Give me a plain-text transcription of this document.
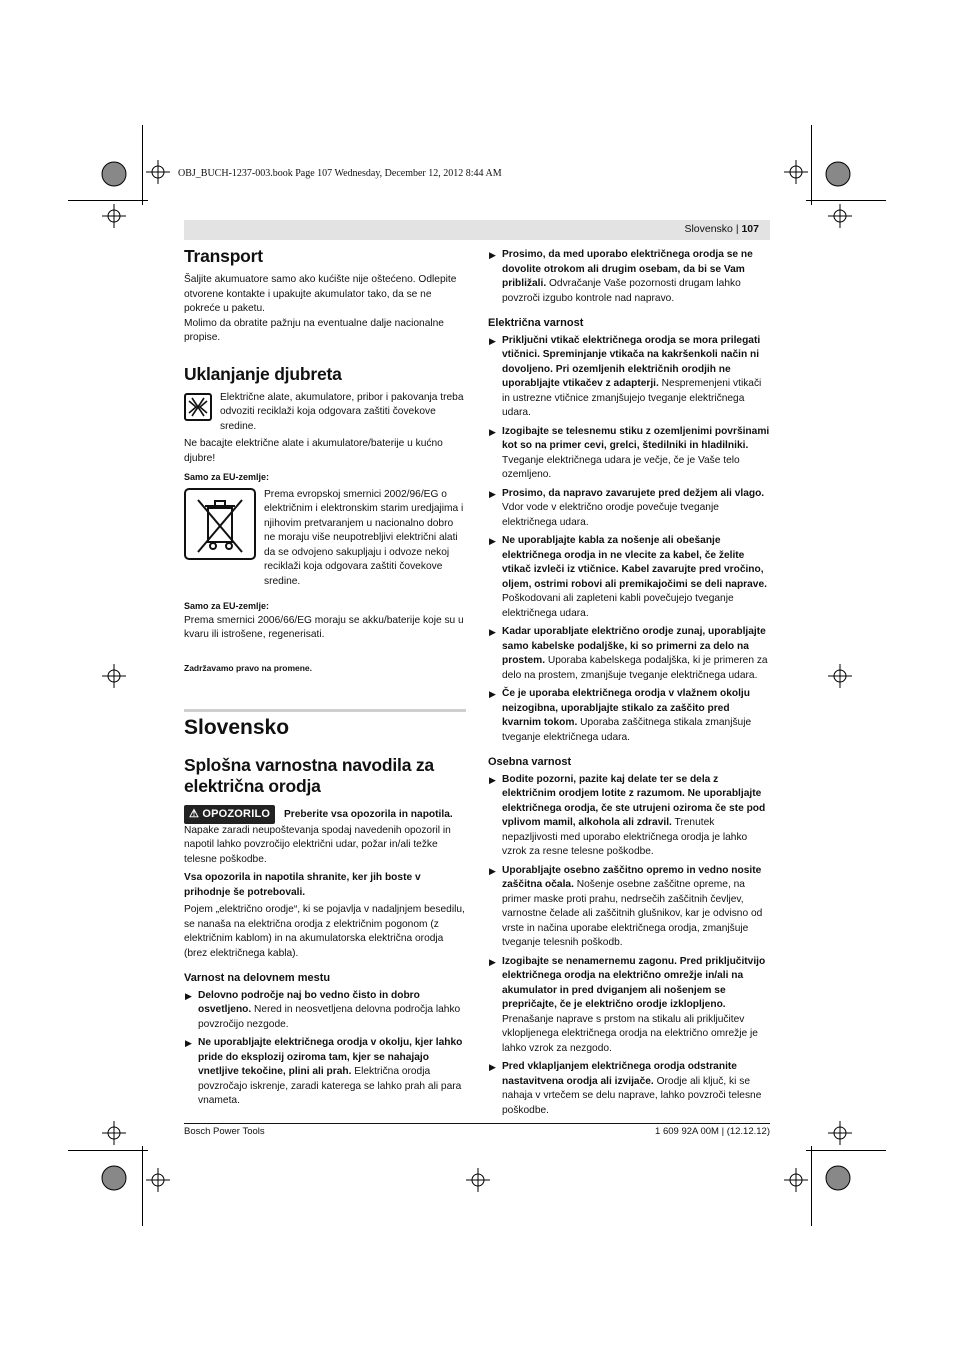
OBJ_BUCH-1237-003.book Page 107 Wednesday, December 12, 2012 8:44 AM
Slovensko | 107
Transport

Šaljite akumuatore samo ako kućište nije oštećeno. Odlepite otvorene kontakte i upakujte akumulator tako, da se ne pokreće u paketu.

Molimo da obratite pažnju na eventualne dalje nacionalne propise.

Uklanjanje djubreta

Električne alate, akumulatore, pribor i pakovanja treba odvoziti reciklaži koja odgovara zaštiti čovekove sredine.

Ne bacajte električne alate i akumulatore/baterije u kućno djubre!

Samo za EU-zemlje:

Prema evropskoj smernici 2002/96/EG o električnim i elektronskim starim uredjajima i njihovim pretvaranjem u nacionalno dobro ne moraju više neupotrebljivi električni alati da se odvojeno sakupljaju i odvoze nekoj reciklaži koja odgovara zaštiti čovekove sredine.

Samo za EU-zemlje:

Prema smernici 2006/66/EG moraju se akku/baterije koje su u kvaru ili istrošene, regenerisati.

Zadržavamo pravo na promene.

Slovensko
Splošna varnostna navodila za električna orodja
⚠ OPOZORILO Preberite vsa opozorila in napotila. Napake zaradi neupoštevanja spodaj navedenih opozoril in napotil lahko povzročijo električni udar, požar in/ali težke telesne poškodbe.

Vsa opozorila in napotila shranite, ker jih boste v prihodnje še potrebovali.

Pojem „električno orodje“, ki se pojavlja v nadaljnjem besedilu, se nanaša na električna orodja z električnim pogonom (z električnim kablom) in na akumulatorska električna orodja (brez električnega kabla).

Varnost na delovnem mestu
▶ Delovno področje naj bo vedno čisto in dobro osvetljeno. Nered in neosvetljena delovna področja lahko povzročijo nezgode.
▶ Ne uporabljajte električnega orodja v okolju, kjer lahko pride do eksplozij oziroma tam, kjer se nahajajo vnetljive tekočine, plini ali prah. Električna orodja povzročajo iskrenje, zaradi katerega se lahko prah ali para vnameta.
▶ Prosimo, da med uporabo električnega orodja se ne dovolite otrokom ali drugim osebam, da bi se Vam približali. Odvračanje Vaše pozornosti drugam lahko povzroči izgubo kontrole nad napravo.
Električna varnost
▶ Priključni vtikač električnega orodja se mora prilegati vtičnici. Spreminjanje vtikača na kakršenkoli način ni dovoljeno. Pri ozemljenih električnih orodjih ne uporabljajte vtikačev z adapterji. Nespremenjeni vtikači in ustrezne vtičnice zmanjšujejo tveganje električnega udara.
▶ Izogibajte se telesnemu stiku z ozemljenimi površinami kot so na primer cevi, grelci, štedilniki in hladilniki. Tveganje električnega udara je večje, če je Vaše telo ozemljeno.
▶ Prosimo, da napravo zavarujete pred dežjem ali vlago. Vdor vode v električno orodje povečuje tveganje električnega udara.
▶ Ne uporabljajte kabla za nošenje ali obešanje električnega orodja in ne vlecite za kabel, če želite vtikač izvleči iz vtičnice. Kabel zavarujte pred vročino, oljem, ostrimi robovi ali premikajočimi se deli naprave. Poškodovani ali zapleteni kabli povečujejo tveganje električnega udara.
▶ Kadar uporabljate električno orodje zunaj, uporabljajte samo kabelske podaljške, ki so primerni za delo na prostem. Uporaba kabelskega podaljška, ki je primeren za delo na prostem, zmanjšuje tveganje električnega udara.
▶ Če je uporaba električnega orodja v vlažnem okolju neizogibna, uporabljajte stikalo za zaščito pred kvarnim tokom. Uporaba zaščitnega stikala zmanjšuje tveganje električnega udara.
Osebna varnost
▶ Bodite pozorni, pazite kaj delate ter se dela z električnim orodjem lotite z razumom. Ne uporabljajte električnega orodja, če ste utrujeni oziroma če ste pod vplivom mamil, alkohola ali zdravil. Trenutek nepazljivosti med uporabo električnega orodja je lahko vzrok za resne telesne poškodbe.
▶ Uporabljajte osebno zaščitno opremo in vedno nosite zaščitna očala. Nošenje osebne zaščitne opreme, na primer maske proti prahu, nedrsečih zaščitnih čevljev, varnostne čelade ali zaščitnih glušnikov, kar je odvisno od vrste in načina uporabe električnega orodja, zmanjšuje tveganje telesnih poškodb.
▶ Izogibajte se nenamernemu zagonu. Pred priključitvijo električnega orodja na električno omrežje in/ali na akumulator in pred dviganjem ali nošenjem se prepričajte, če je električno orodje izklopljeno. Prenašanje naprave s prstom na stikalu ali priključitev vklopljenega električnega orodja na električno omrežje je lahko vzrok za nezgodo.
▶ Pred vklapljanjem električnega orodja odstranite nastavitvena orodja ali izvijače. Orodje ali ključ, ki se nahaja v vrtečem se delu naprave, lahko povzroči telesne poškodbe.
Bosch Power Tools	1 609 92A 00M | (12.12.12)
